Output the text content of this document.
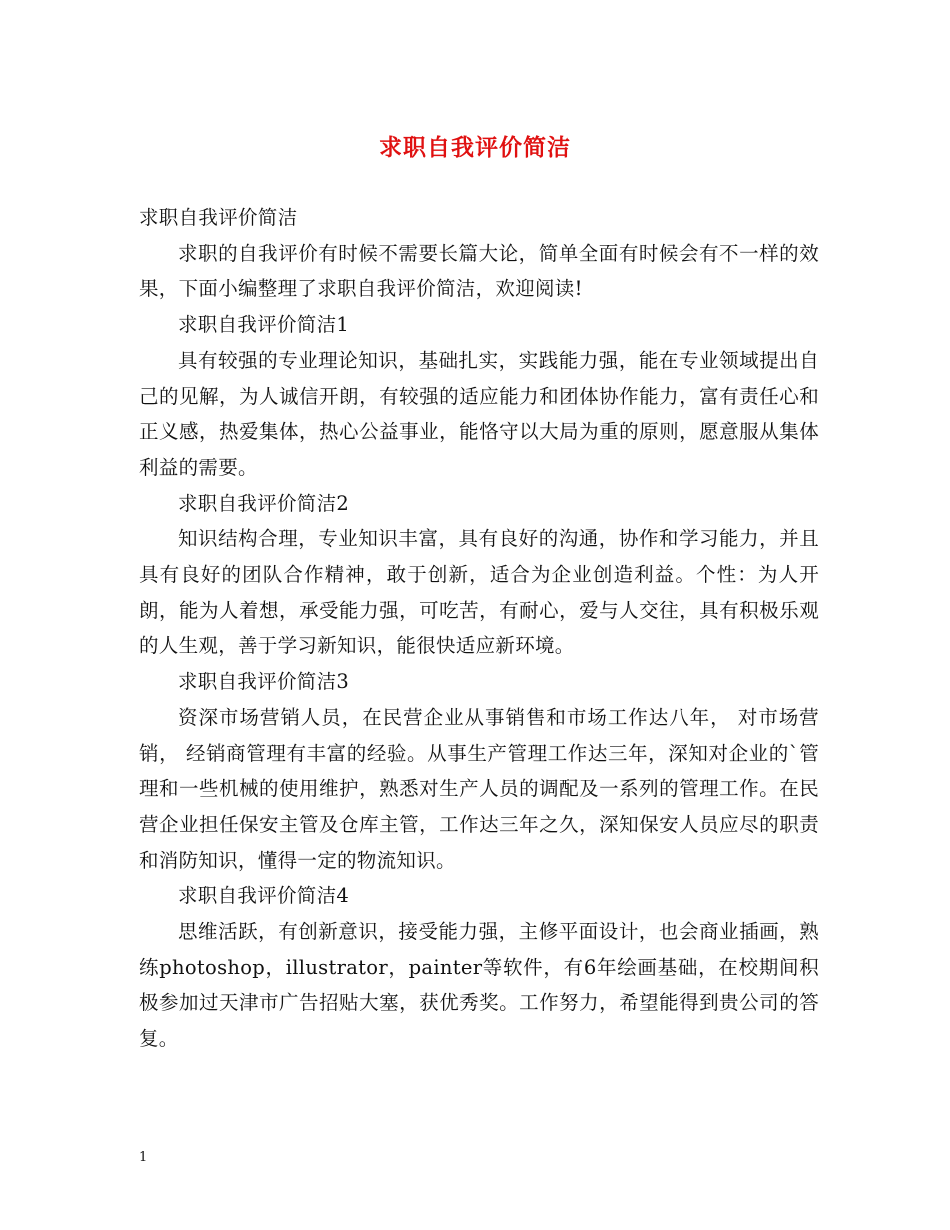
求职自我评价简洁

求职自我评价简洁

求职的自我评价有时候不需要长篇大论，简单全面有时候会有不一样的效果，下面小编整理了求职自我评价简洁，欢迎阅读!

求职自我评价简洁1

具有较强的专业理论知识，基础扎实，实践能力强，能在专业领域提出自己的见解，为人诚信开朗，有较强的适应能力和团体协作能力，富有责任心和正义感，热爱集体，热心公益事业，能恪守以大局为重的原则，愿意服从集体利益的需要。

求职自我评价简洁2

知识结构合理，专业知识丰富，具有良好的沟通，协作和学习能力，并且具有良好的团队合作精神，敢于创新，适合为企业创造利益。个性：为人开朗，能为人着想，承受能力强，可吃苦，有耐心，爱与人交往，具有积极乐观的人生观，善于学习新知识，能很快适应新环境。

求职自我评价简洁3

资深市场营销人员，在民营企业从事销售和市场工作达八年， 对市场营销， 经销商管理有丰富的经验。从事生产管理工作达三年，深知对企业的`管理和一些机械的使用维护，熟悉对生产人员的调配及一系列的管理工作。在民营企业担任保安主管及仓库主管，工作达三年之久，深知保安人员应尽的职责和消防知识，懂得一定的物流知识。

求职自我评价简洁4

思维活跃，有创新意识，接受能力强，主修平面设计，也会商业插画，熟练photoshop，illustrator，painter等软件，有6年绘画基础，在校期间积极参加过天津市广告招贴大塞，获优秀奖。工作努力，希望能得到贵公司的答复。

1
